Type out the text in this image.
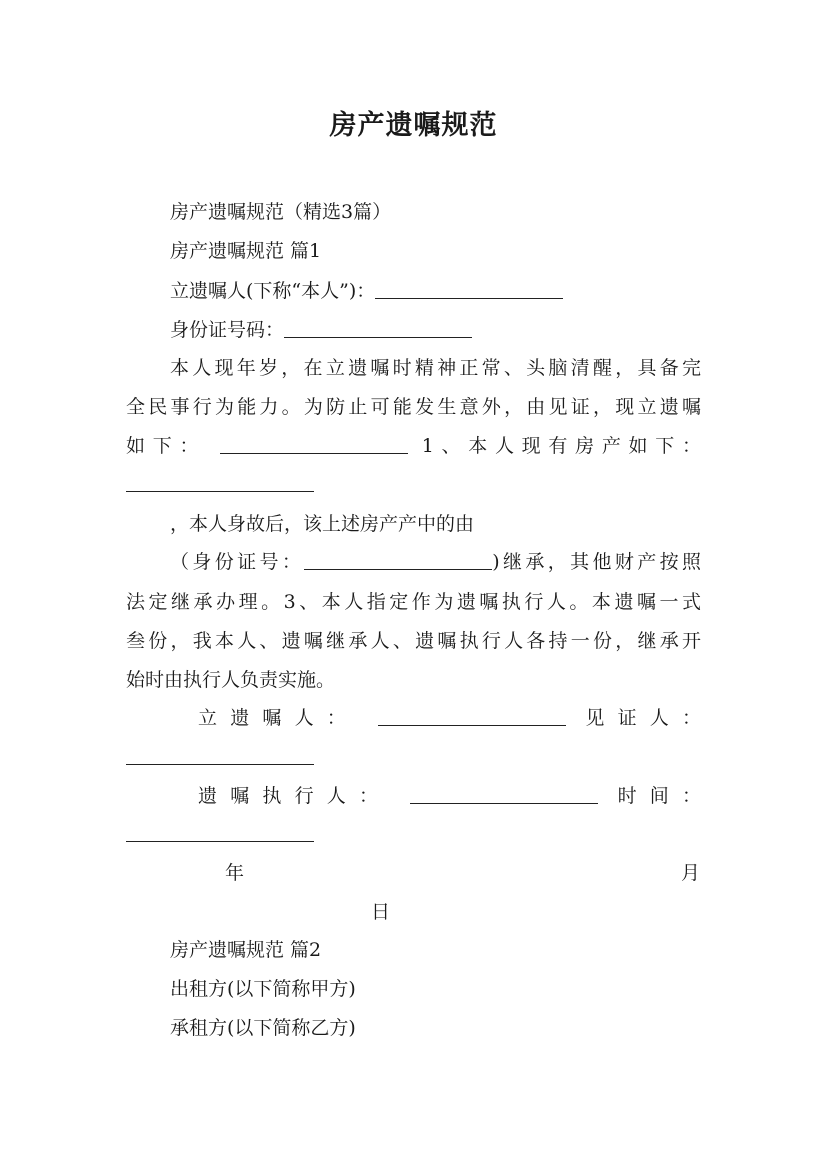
房产遗嘱规范
房产遗嘱规范（精选3篇）
房产遗嘱规范 篇1
立遗嘱人(下称“本人”)：
身份证号码：
本人现年岁，在立遗嘱时精神正常、头脑清醒，具备完
全民事行为能力。为防止可能发生意外，由见证，现立遗嘱
如下：	1、本人现有房产如下：
，本人身故后，该上述房产产中的由
（身份证号：	)继承，其他财产按照
法定继承办理。3、本人指定作为遗嘱执行人。本遗嘱一式
叁份，我本人、遗嘱继承人、遗嘱执行人各持一份，继承开
始时由执行人负责实施。
立遗嘱人：	见证人：
遗嘱执行人：	时间：
年	月
日
房产遗嘱规范 篇2
出租方(以下简称甲方)
承租方(以下简称乙方)
